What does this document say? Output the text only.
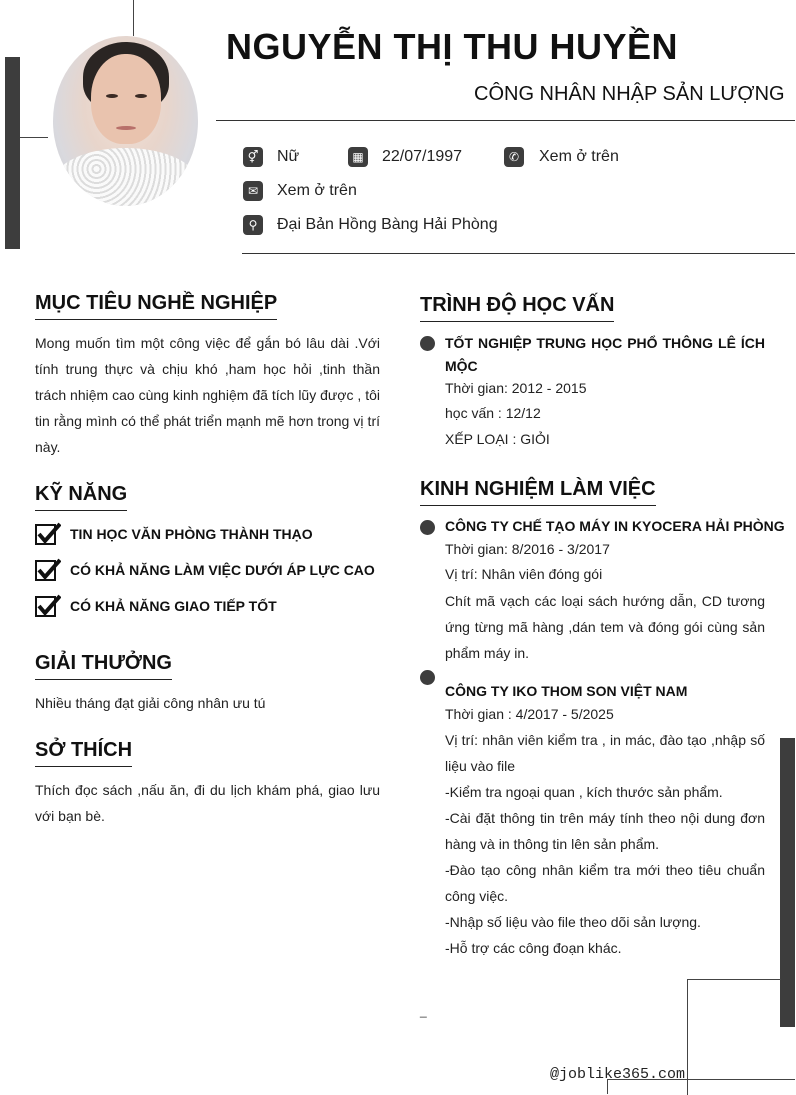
NGUYỄN THỊ THU HUYỀN
CÔNG NHÂN NHẬP SẢN LƯỢNG
⚥ Nữ	▦ 22/07/1997	✆	Xem ở trên
✉	Xem ở trên
⚲	Đại Bản Hồng Bàng Hải Phòng
MỤC TIÊU NGHỀ NGHIỆP
Mong muốn tìm một công việc để gắn bó lâu dài .Với tính trung thực và chịu khó ,ham học hỏi ,tinh thần trách nhiệm cao cùng kinh nghiệm đã tích lũy được , tôi tin rằng mình có thể phát triển mạnh mẽ hơn trong vị trí này.
KỸ NĂNG
TIN HỌC VĂN PHÒNG THÀNH THẠO
CÓ KHẢ NĂNG LÀM VIỆC DƯỚI ÁP LỰC CAO
CÓ KHẢ NĂNG GIAO TIẾP TỐT
GIẢI THƯỞNG
Nhiều tháng đạt giải công nhân ưu tú
SỞ THÍCH
Thích đọc sách ,nấu ăn, đi du lịch khám phá, giao lưu với bạn bè.
TRÌNH ĐỘ HỌC VẤN
TỐT NGHIỆP TRUNG HỌC PHỔ THÔNG LÊ ÍCH MỘC
Thời gian: 2012 - 2015
học vấn : 12/12
XẾP LOẠI : GIỎI
KINH NGHIỆM LÀM VIỆC
CÔNG TY CHẾ TẠO MÁY IN KYOCERA HẢI PHÒNG
Thời gian: 8/2016 - 3/2017
Vị trí: Nhân viên đóng gói
Chít mã vạch các loại sách hướng dẫn, CD tương ứng từng mã hàng ,dán tem và đóng gói cùng sản phẩm máy in.
CÔNG TY IKO THOM SON VIỆT NAM
Thời gian : 4/2017 - 5/2025
Vị trí: nhân viên kiểm tra , in mác, đào tạo ,nhập số liệu vào file
-Kiểm tra ngoại quan , kích thước sản phẩm.
-Cài đặt thông tin trên máy tính theo nội dung đơn hàng và in thông tin lên sản phẩm.
-Đào tạo công nhân kiểm tra mới theo tiêu chuẩn công việc.
-Nhập số liệu vào file theo dõi sản lượng.
-Hỗ trợ các công đoạn khác.
_
@joblike365.com
